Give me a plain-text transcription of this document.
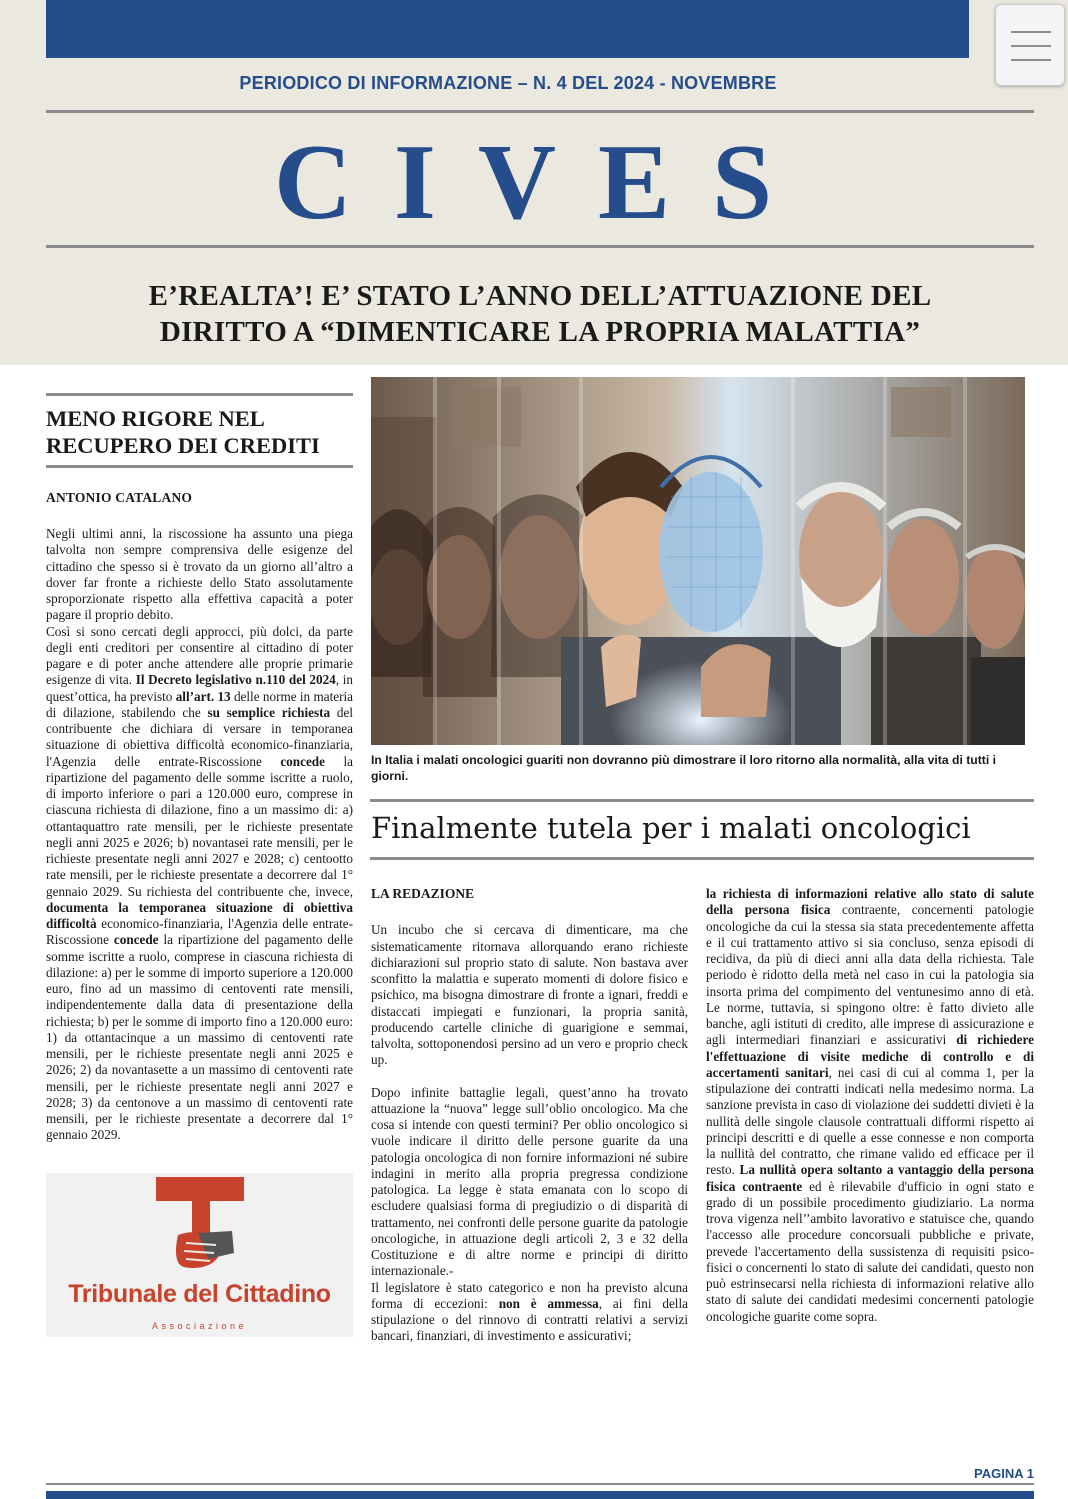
PERIODICO DI INFORMAZIONE – N. 4 DEL 2024 - NOVEMBRE
CIVES
E’REALTA’! E’ STATO L’ANNO DELL’ATTUAZIONE DEL
DIRITTO A “DIMENTICARE LA PROPRIA MALATTIA”
MENO RIGORE NEL RECUPERO DEI CREDITI
ANTONIO CATALANO

Negli ultimi anni, la riscossione ha assunto una piega talvolta non sempre comprensiva delle esigenze del cittadino che spesso si è trovato da un giorno all’altro a dover far fronte a richieste dello Stato assolutamente sproporzionate rispetto alla effettiva capacità a poter pagare il proprio debito.

Così si sono cercati degli approcci, più dolci, da parte degli enti creditori per consentire al cittadino di poter pagare e di poter anche attendere alle proprie primarie esigenze di vita. Il Decreto legislativo n.110 del 2024, in quest’ottica, ha previsto all’art. 13 delle norme in materia di dilazione, stabilendo che su semplice richiesta del contribuente che dichiara di versare in temporanea situazione di obiettiva difficoltà economico-finanziaria, l'Agenzia delle entrate-Riscossione concede la ripartizione del pagamento delle somme iscritte a ruolo, di importo inferiore o pari a 120.000 euro, comprese in ciascuna richiesta di dilazione, fino a un massimo di: a) ottantaquattro rate mensili, per le richieste presentate negli anni 2025 e 2026; b) novantasei rate mensili, per le richieste presentate negli anni 2027 e 2028; c) centootto rate mensili, per le richieste presentate a decorrere dal 1° gennaio 2029. Su richiesta del contribuente che, invece, documenta la temporanea situazione di obiettiva difficoltà economico-finanziaria, l'Agenzia delle entrate-Riscossione concede la ripartizione del pagamento delle somme iscritte a ruolo, comprese in ciascuna richiesta di dilazione: a) per le somme di importo superiore a 120.000 euro, fino ad un massimo di centoventi rate mensili, indipendentemente dalla data di presentazione della richiesta; b) per le somme di importo fino a 120.000 euro: 1) da ottantacinque a un massimo di centoventi rate mensili, per le richieste presentate negli anni 2025 e 2026; 2) da novantasette a un massimo di centoventi rate mensili, per le richieste presentate negli anni 2027 e 2028; 3) da centonove a un massimo di centoventi rate mensili, per le richieste presentate a decorrere dal 1° gennaio 2029.

Tribunale del Cittadino
Associazione
In Italia i malati oncologici guariti non dovranno più dimostrare il loro ritorno alla normalità, alla vita di tutti i giorni.
Finalmente tutela per i malati oncologici
LA REDAZIONE

Un incubo che si cercava di dimenticare, ma che sistematicamente ritornava allorquando erano richieste dichiarazioni sul proprio stato di salute. Non bastava aver sconfitto la malattia e superato momenti di dolore fisico e psichico, ma bisogna dimostrare di fronte a ignari, freddi e distaccati impiegati e funzionari, la propria sanità, producendo cartelle cliniche di guarigione e semmai, talvolta, sottoponendosi persino ad un vero e proprio check up.

Dopo infinite battaglie legali, quest’anno ha trovato attuazione la “nuova” legge sull’oblio oncologico. Ma che cosa si intende con questi termini? Per oblio oncologico si vuole indicare il diritto delle persone guarite da una patologia oncologica di non fornire informazioni né subire indagini in merito alla propria pregressa condizione patologica. La legge è stata emanata con lo scopo di escludere qualsiasi forma di pregiudizio o di disparità di trattamento, nei confronti delle persone guarite da patologie oncologiche, in attuazione degli articoli 2, 3 e 32 della Costituzione e di altre norme e principi di diritto internazionale.-

Il legislatore è stato categorico e non ha previsto alcuna forma di eccezioni: non è ammessa, ai fini della stipulazione o del rinnovo di contratti relativi a servizi bancari, finanziari, di investimento e assicurativi;

la richiesta di informazioni relative allo stato di salute della persona fisica contraente, concernenti patologie oncologiche da cui la stessa sia stata precedentemente affetta e il cui trattamento attivo si sia concluso, senza episodi di recidiva, da più di dieci anni alla data della richiesta. Tale periodo è ridotto della metà nel caso in cui la patologia sia insorta prima del compimento del ventunesimo anno di età. Le norme, tuttavia, si spingono oltre: è fatto divieto alle banche, agli istituti di credito, alle imprese di assicurazione e agli intermediari finanziari e assicurativi di richiedere l'effettuazione di visite mediche di controllo e di accertamenti sanitari, nei casi di cui al comma 1, per la stipulazione dei contratti indicati nella medesimo norma. La sanzione prevista in caso di violazione dei suddetti divieti è la nullità delle singole clausole contrattuali difformi rispetto ai principi descritti e di quelle a esse connesse e non comporta la nullità del contratto, che rimane valido ed efficace per il resto. La nullità opera soltanto a vantaggio della persona fisica contraente ed è rilevabile d'ufficio in ogni stato e grado di un possibile procedimento giudiziario. La norma trova vigenza nell’’ambito lavorativo e statuisce che, quando l'accesso alle procedure concorsuali pubbliche e private, prevede l'accertamento della sussistenza di requisiti psico-fisici o concernenti lo stato di salute dei candidati, questo non può estrinsecarsi nella richiesta di informazioni relative allo stato di salute dei candidati medesimi concernenti patologie oncologiche guarite come sopra.

PAGINA 1
